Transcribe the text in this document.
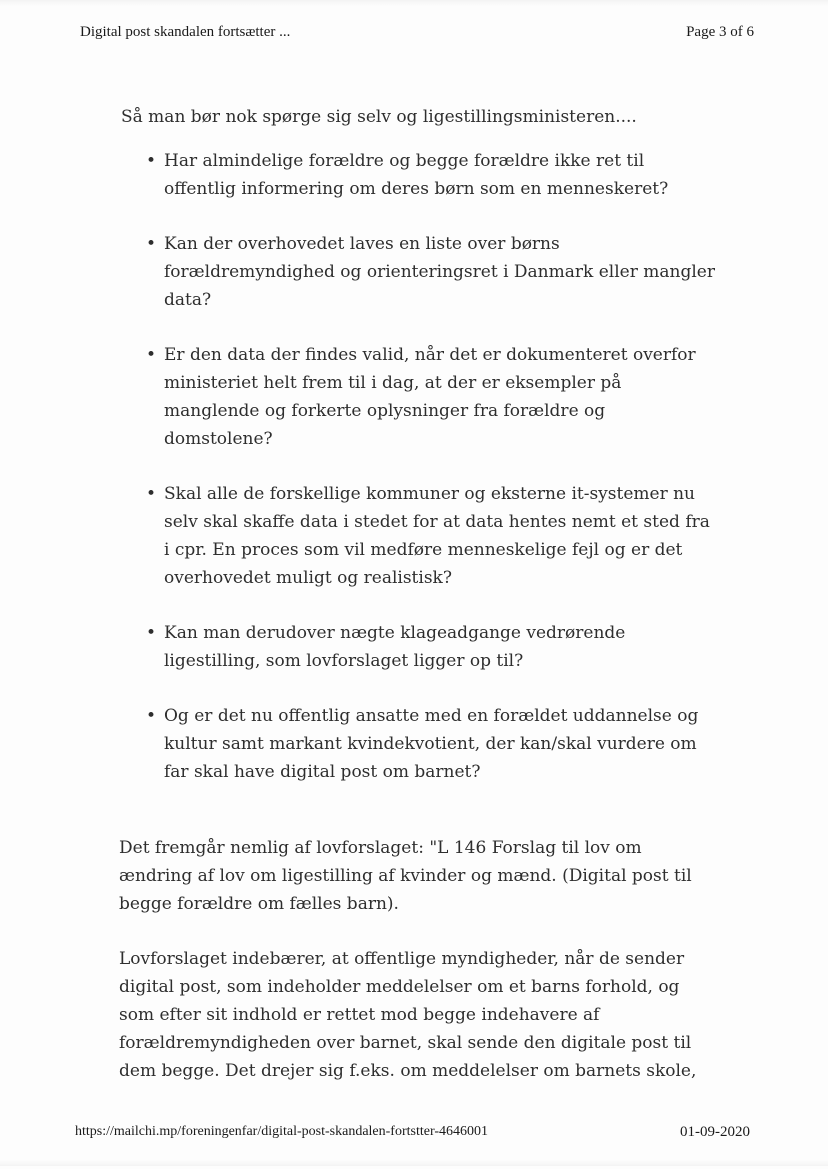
Digital post skandalen fortsætter ...	Page 3 of 6

Så man bør nok spørge sig selv og ligestillingsministeren....

• Har almindelige forældre og begge forældre ikke ret til offentlig informering om deres børn som en menneskeret?
• Kan der overhovedet laves en liste over børns forældremyndighed og orienteringsret i Danmark eller mangler data?
• Er den data der findes valid, når det er dokumenteret overfor ministeriet helt frem til i dag, at der er eksempler på manglende og forkerte oplysninger fra forældre og domstolene?
• Skal alle de forskellige kommuner og eksterne it-systemer nu selv skal skaffe data i stedet for at data hentes nemt et sted fra i cpr. En proces som vil medføre menneskelige fejl og er det overhovedet muligt og realistisk?
• Kan man derudover nægte klageadgange vedrørende ligestilling, som lovforslaget ligger op til?
• Og er det nu offentlig ansatte med en forældet uddannelse og kultur samt markant kvindekvotient, der kan/skal vurdere om far skal have digital post om barnet?

Det fremgår nemlig af lovforslaget: "L 146 Forslag til lov om ændring af lov om ligestilling af kvinder og mænd. (Digital post til begge forældre om fælles barn).

Lovforslaget indebærer, at offentlige myndigheder, når de sender digital post, som indeholder meddelelser om et barns forhold, og som efter sit indhold er rettet mod begge indehavere af forældremyndigheden over barnet, skal sende den digitale post til dem begge. Det drejer sig f.eks. om meddelelser om barnets skole,

https://mailchi.mp/foreningenfar/digital-post-skandalen-fortstter-4646001	01-09-2020
